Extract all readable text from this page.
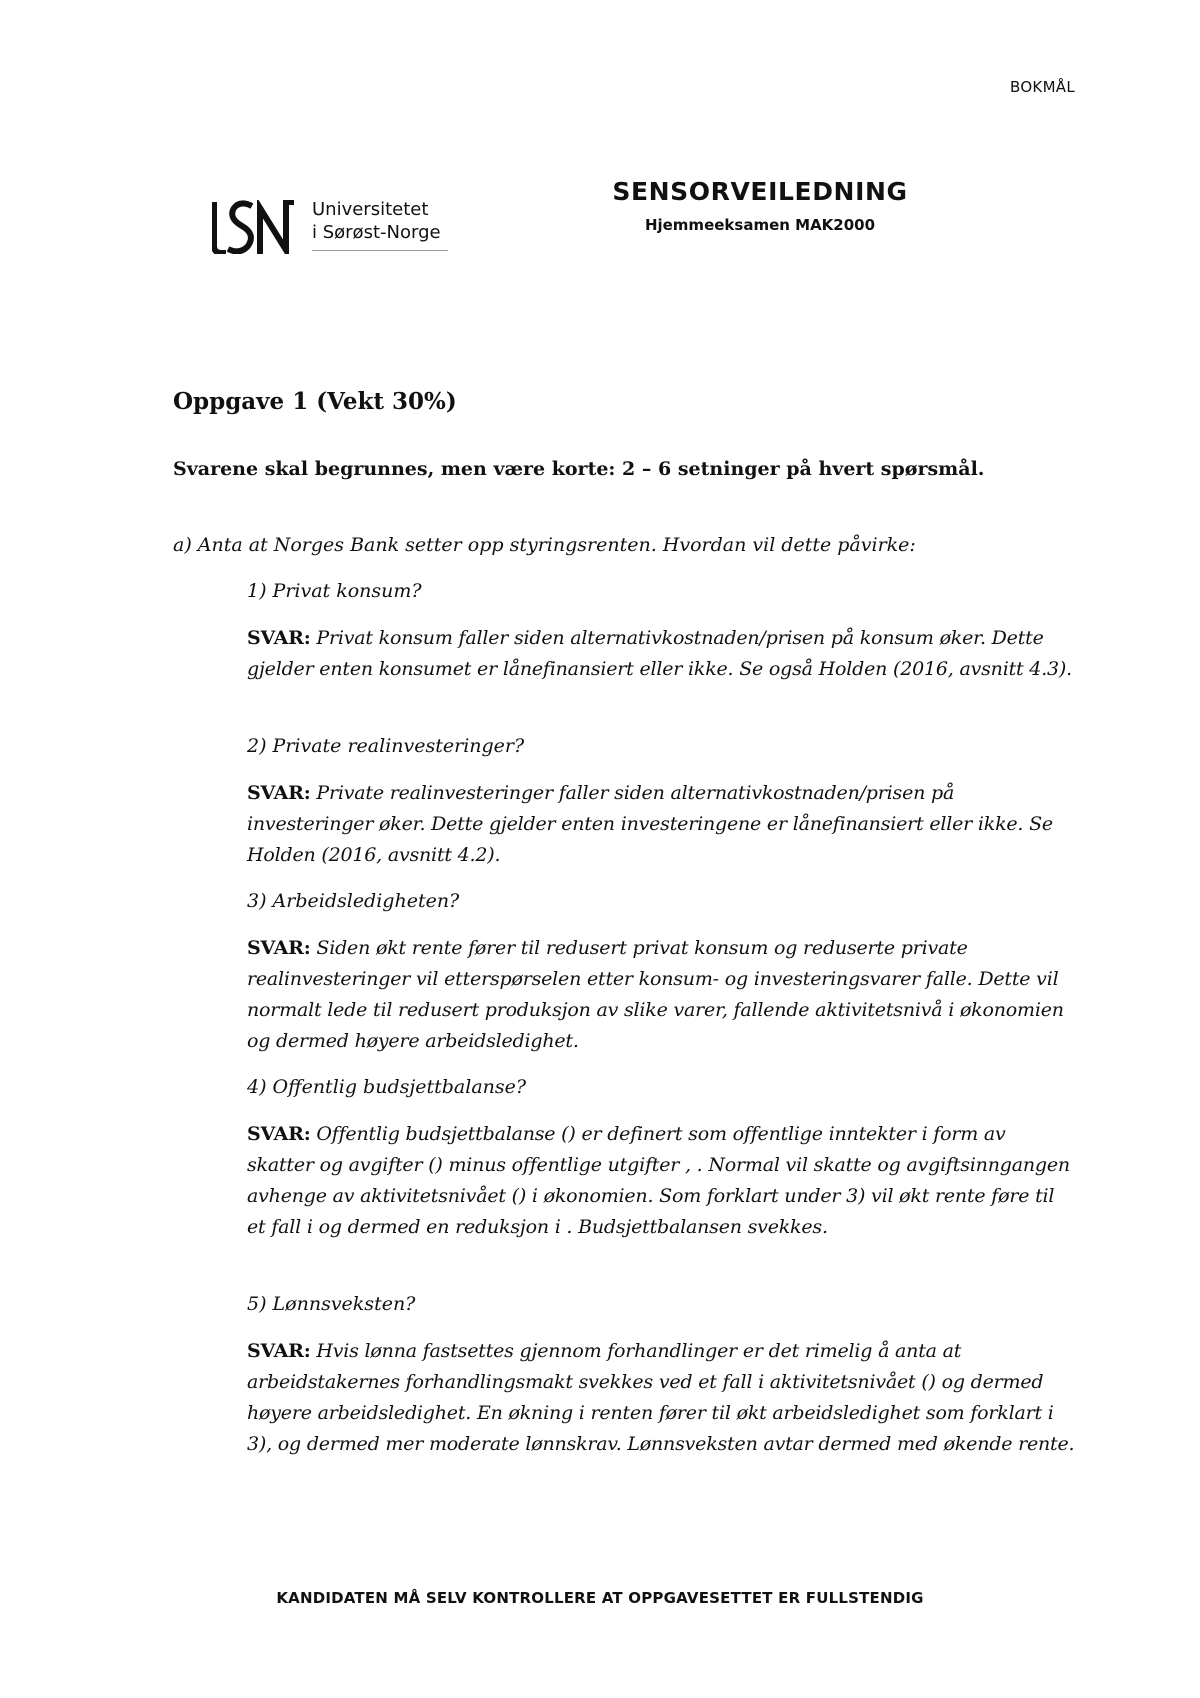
BOKMÅL
Universitetet
i Sørøst-Norge
SENSORVEILEDNING
Hjemmeeksamen MAK2000
Oppgave 1 (Vekt 30%)
Svarene skal begrunnes, men være korte: 2 – 6 setninger på hvert spørsmål.
a) Anta at Norges Bank setter opp styringsrenten. Hvordan vil dette påvirke:
1) Privat konsum?

SVAR: Privat konsum faller siden alternativkostnaden/prisen på konsum øker. Dette gjelder enten konsumet er lånefinansiert eller ikke. Se også Holden (2016, avsnitt 4.3).

2) Private realinvesteringer?

SVAR: Private realinvesteringer faller siden alternativkostnaden/prisen på investeringer øker. Dette gjelder enten investeringene er lånefinansiert eller ikke. Se Holden (2016, avsnitt 4.2).

3) Arbeidsledigheten?

SVAR: Siden økt rente fører til redusert privat konsum og reduserte private realinvesteringer vil etterspørselen etter konsum- og investeringsvarer falle. Dette vil normalt lede til redusert produksjon av slike varer, fallende aktivitetsnivå i økonomien og dermed høyere arbeidsledighet.

4) Offentlig budsjettbalanse?

SVAR: Offentlig budsjettbalanse () er definert som offentlige inntekter i form av skatter og avgifter () minus offentlige utgifter , . Normal vil skatte og avgiftsinngangen avhenge av aktivitetsnivået () i økonomien. Som forklart under 3) vil økt rente føre til et fall i og dermed en reduksjon i . Budsjettbalansen svekkes.

5) Lønnsveksten?

SVAR: Hvis lønna fastsettes gjennom forhandlinger er det rimelig å anta at arbeidstakernes forhandlingsmakt svekkes ved et fall i aktivitetsnivået () og dermed høyere arbeidsledighet. En økning i renten fører til økt arbeidsledighet som forklart i 3), og dermed mer moderate lønnskrav. Lønnsveksten avtar dermed med økende rente.

KANDIDATEN MÅ SELV KONTROLLERE AT OPPGAVESETTET ER FULLSTENDIG
